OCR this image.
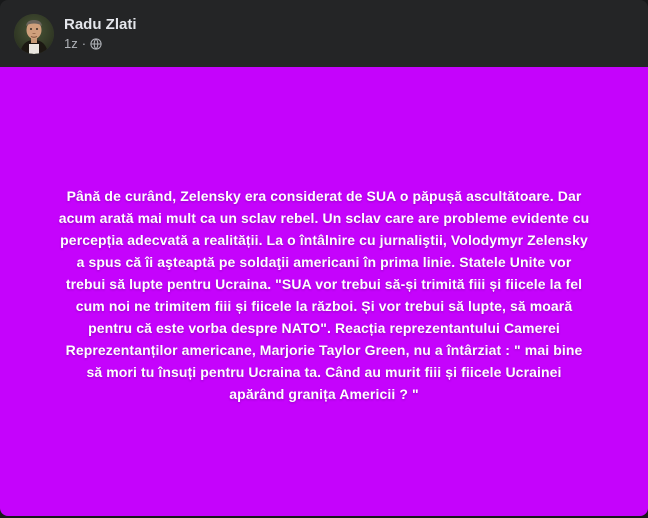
Radu Zlati
1z ·
Până de curând, Zelensky era considerat de SUA o păpușă ascultătoare. Dar
acum arată mai mult ca un sclav rebel. Un sclav care are probleme evidente cu
percepția adecvată a realității. La o întâlnire cu jurnaliştii, Volodymyr Zelensky
a spus că îi aşteaptă pe soldaţii americani în prima linie. Statele Unite vor
trebui să lupte pentru Ucraina. "SUA vor trebui să-și trimită fiii și fiicele la fel
cum noi ne trimitem fiii și fiicele la război. Și vor trebui să lupte, să moară
pentru că este vorba despre NATO". Reacția reprezentantului Camerei
Reprezentanților americane, Marjorie Taylor Green, nu a întârziat : " mai bine
să mori tu însuți pentru Ucraina ta. Când au murit fiii și fiicele Ucrainei
apărând granița Americii ? "
